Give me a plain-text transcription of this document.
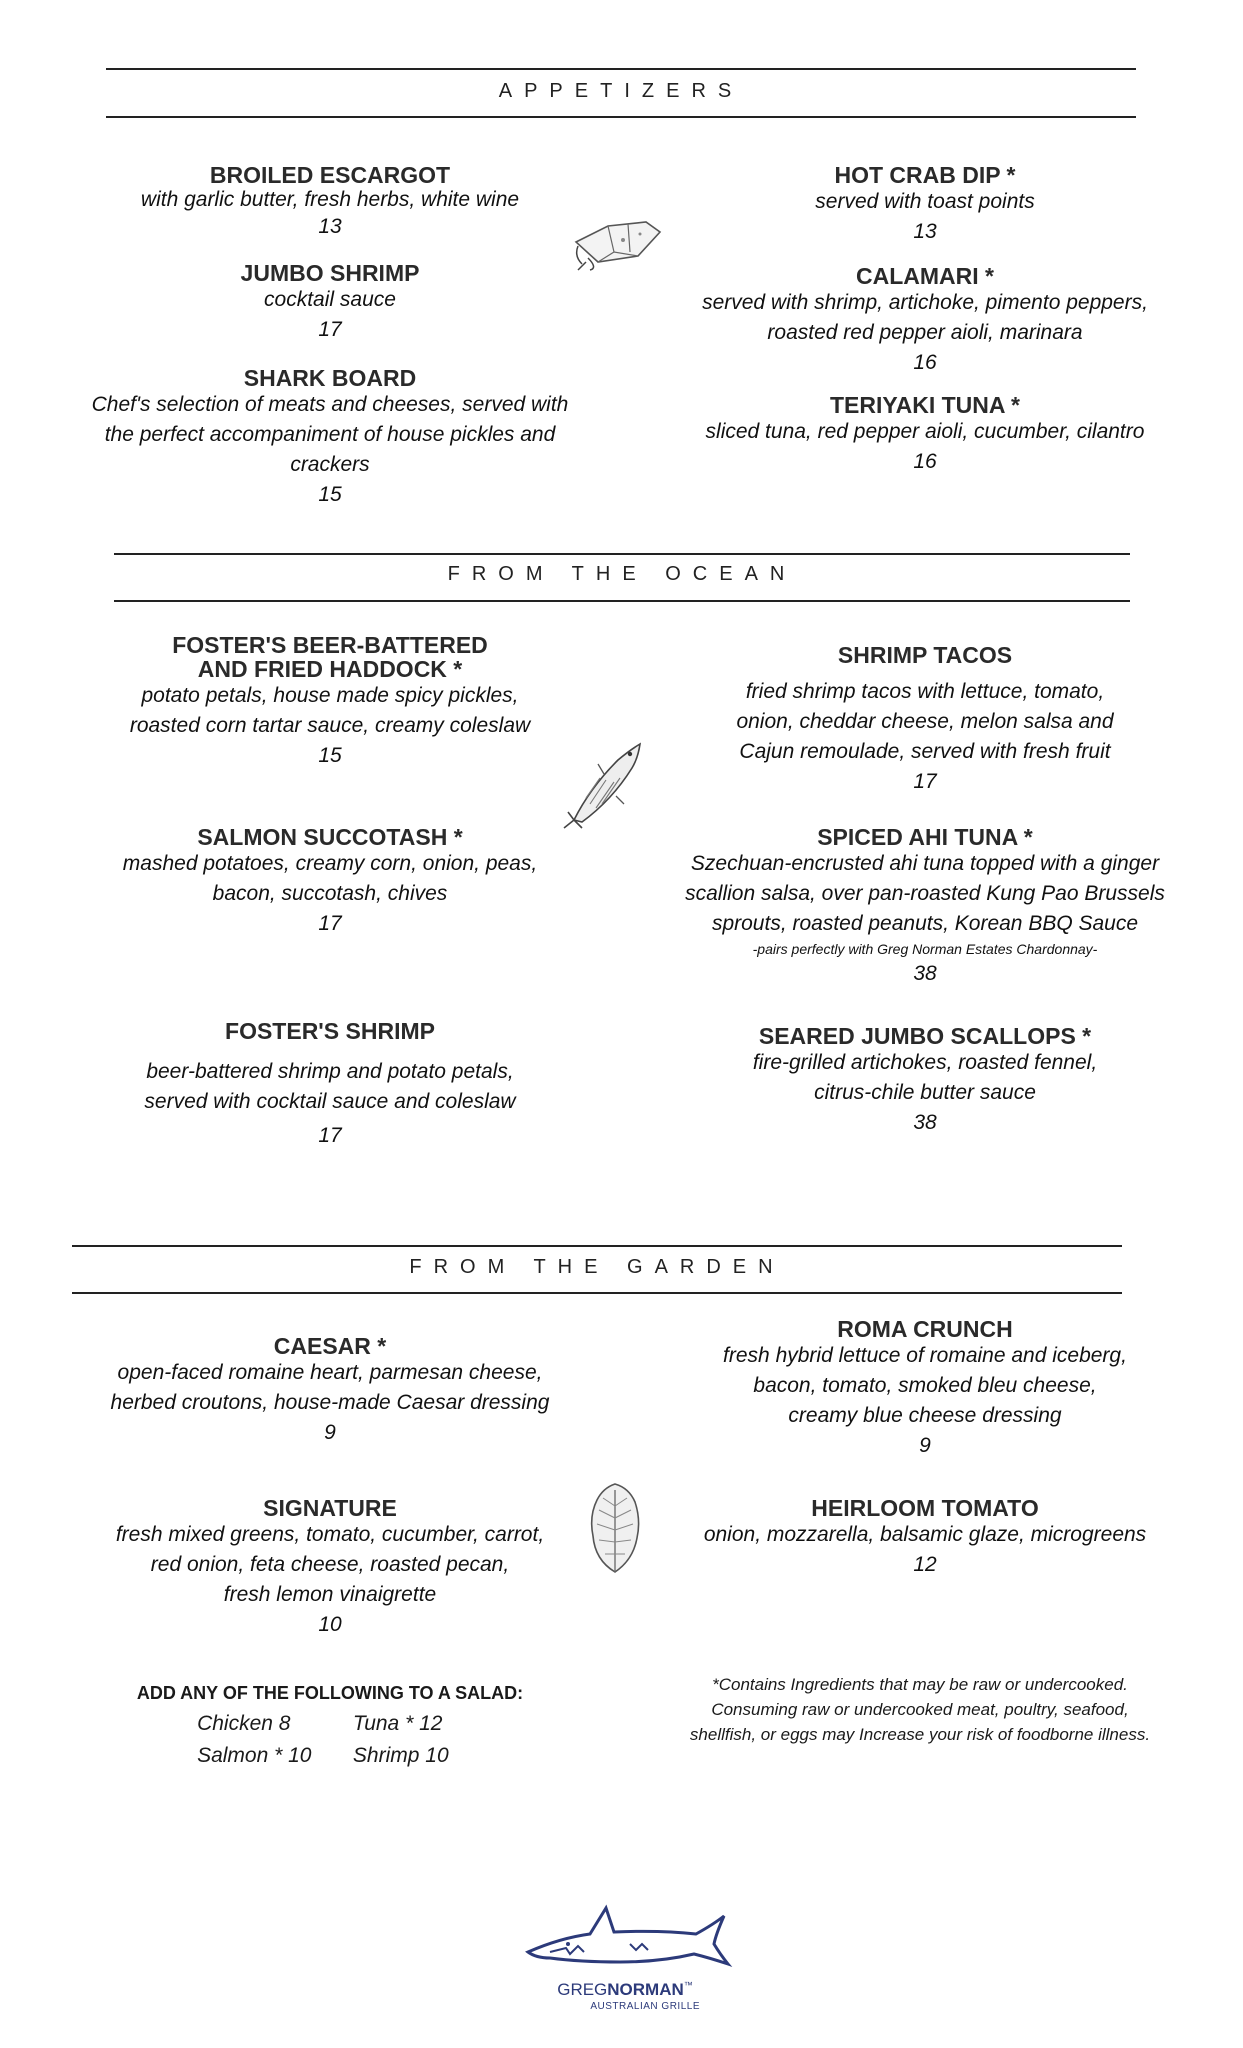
APPETIZERS
BROILED ESCARGOT
with garlic butter, fresh herbs, white wine
13
JUMBO SHRIMP
cocktail sauce
17
SHARK BOARD
Chef's selection of meats and cheeses, served with
the perfect accompaniment of house pickles and
crackers
15
HOT CRAB DIP *
served with toast points
13
CALAMARI *
served with shrimp, artichoke, pimento peppers,
roasted red pepper aioli, marinara
16
TERIYAKI TUNA *
sliced tuna, red pepper aioli, cucumber, cilantro
16
FROM THE OCEAN
FOSTER'S BEER-BATTERED
AND FRIED HADDOCK *
potato petals, house made spicy pickles,
roasted corn tartar sauce, creamy coleslaw
15
SALMON SUCCOTASH *
mashed potatoes, creamy corn, onion, peas,
bacon, succotash, chives
17
FOSTER'S SHRIMP
beer-battered shrimp and potato petals,
served with cocktail sauce and coleslaw
17
SHRIMP TACOS
fried shrimp tacos with lettuce, tomato,
onion, cheddar cheese, melon salsa and
Cajun remoulade, served with fresh fruit
17
SPICED AHI TUNA *
Szechuan-encrusted ahi tuna topped with a ginger
scallion salsa, over pan-roasted Kung Pao Brussels
sprouts, roasted peanuts, Korean BBQ Sauce
-pairs perfectly with Greg Norman Estates Chardonnay-
38
SEARED JUMBO SCALLOPS *
fire-grilled artichokes, roasted fennel,
citrus-chile butter sauce
38
FROM THE GARDEN
CAESAR *
open-faced romaine heart, parmesan cheese,
herbed croutons, house-made Caesar dressing
9
SIGNATURE
fresh mixed greens, tomato, cucumber, carrot,
red onion, feta cheese, roasted pecan,
fresh lemon vinaigrette
10
ROMA CRUNCH
fresh hybrid lettuce of romaine and iceberg,
bacon, tomato, smoked bleu cheese,
creamy blue cheese dressing
9
HEIRLOOM TOMATO
onion, mozzarella, balsamic glaze, microgreens
12
ADD ANY OF THE FOLLOWING TO A SALAD:
Chicken 8	Tuna * 12
Salmon * 10 Shrimp 10
*Contains Ingredients that may be raw or undercooked.
Consuming raw or undercooked meat, poultry, seafood,
shellfish, or eggs may Increase your risk of foodborne illness.
GREGNORMAN™
AUSTRALIAN GRILLE
